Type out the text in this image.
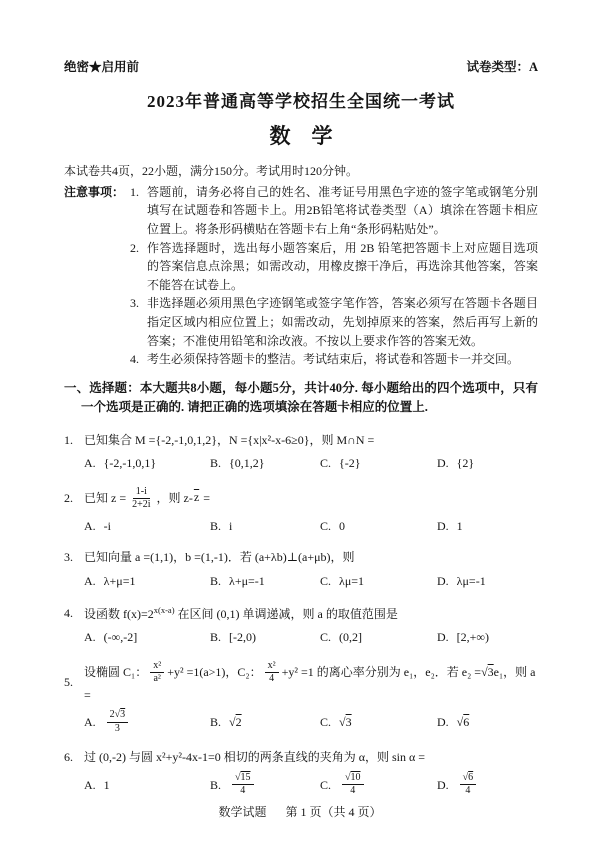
绝密★启用前	试卷类型：A
2023年普通高等学校招生全国统一考试
数　学
本试卷共4页，22小题，满分150分。考试用时120分钟。
注意事项： 1. 答题前，请务必将自己的姓名、准考证号用黑色字迹的签字笔或钢笔分别填写在试题卷和答题卡上。用2B铅笔将试卷类型（A）填涂在答题卡相应位置上。将条形码横贴在答题卡右上角“条形码粘贴处”。
2. 作答选择题时，选出每小题答案后，用 2B 铅笔把答题卡上对应题目选项的答案信息点涂黑；如需改动，用橡皮擦干净后，再选涂其他答案，答案不能答在试卷上。
3. 非选择题必须用黑色字迹钢笔或签字笔作答，答案必须写在答题卡各题目指定区域内相应位置上；如需改动，先划掉原来的答案，然后再写上新的答案；不准使用铅笔和涂改液。不按以上要求作答的答案无效。
4. 考生必须保持答题卡的整洁。考试结束后，将试卷和答题卡一并交回。
一、选择题：本大题共8小题，每小题5分，共计40分. 每小题给出的四个选项中，只有一个选项是正确的. 请把正确的选项填涂在答题卡相应的位置上.
1. 已知集合 M ={-2,-1,0,1,2}，N ={x|x²-x-6≥0}，则 M∩N =
A. {-2,-1,0,1}	B. {0,1,2}	C. {-2}	D. {2}
2. 已知 $z = \frac{1-i}{2+2i}$ ，则 $z-\overline{z}$ =
A. -i	B. i	C. 0	D. 1
3. 已知向量 a =(1,1)，b =(1,-1)．若 (a+λb)⊥(a+μb)，则
A. λ+μ=1	B. λ+μ=-1	C. λμ=1	D. λμ=-1
4. 设函数 $f(x)=2^{x(x-a)}$ 在区间 (0,1) 单调递减，则 a 的取值范围是
A. (-∞,-2]	B. [-2,0)	C. (0,2]	D. [2,+∞)
5.
设椭圆 C₁： $\frac{\text{x²}}{\text{a²}} +y^2 =1(a>1)$，C₂： $\frac{\text{x²}}{4} +y^2 =1$ 的离心率分别为 e₁，e₂．若 e₂ =√3e₁，则 a =
A. $\frac{2√3}{3}$	B. √2	C. √3	D. √6
6. 过 (0,-2) 与圆 x²+y²-4x-1=0 相切的两条直线的夹角为 α，则 sin α =
A. 1	B. $\frac{√15}{4}$	C. $\frac{√10}{4}$	D. $\frac{√6}{4}$
数学试题 第 1 页（共 4 页）
